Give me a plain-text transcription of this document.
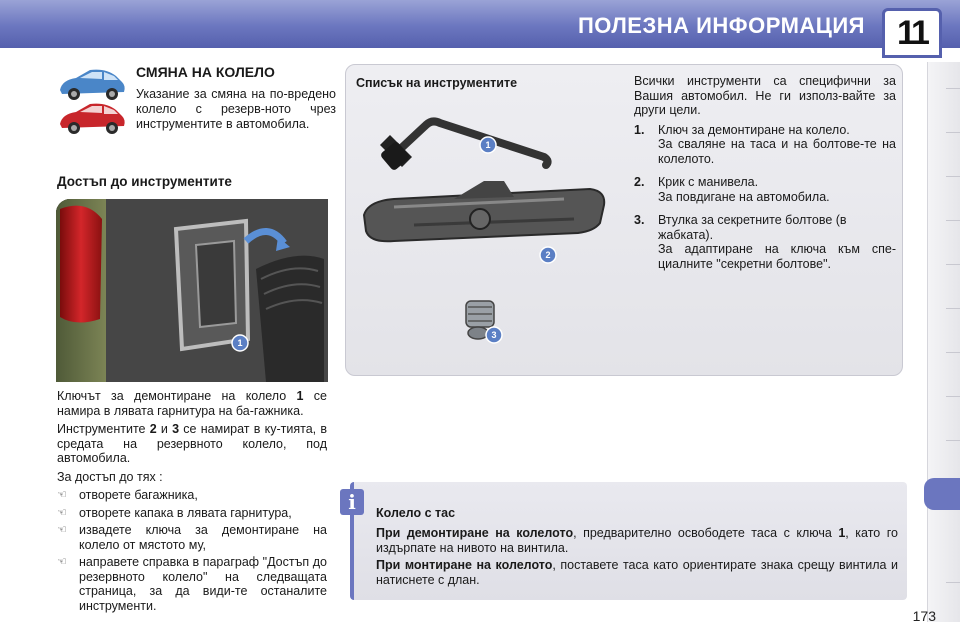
ПОЛЕЗНА ИНФОРМАЦИЯ 11
СМЯНА НА КОЛЕЛО
Указание за смяна на по-вредено колело с резерв-ното чрез инструментите в автомобила.
Достъп до инструментите
1

Ключът за демонтиране на колело 1 се намира в лявата гарнитура на ба-гажника.

Инструментите 2 и 3 се намират в ку-тията, в средата на резервното колело, под автомобила.

За достъп до тях :

☜ отворете багажника,
☜ отворете капака в лявата гарнитура,
☜ извадете ключа за демонтиране на колело от мястото му,
☜ направете справка в параграф "Достъп до резервното колело" на следващата страница, за да види-те останалите инструменти.
Списък на инструментите
1
2
3

Всички инструменти са специфични за Вашия автомобил. Не ги използ-вайте за други цели.

1.	Ключ за демонтиране на колело.

За сваляне на таса и на болтове-те на колелото.

2.	Крик с манивела.

За повдигане на автомобила.

3.	Втулка за секретните болтове (в жабката).

За адаптиране на ключа към спе-циалните "секретни болтове".

Колело с тас
При демонтиране на колелото, предварително освободете таса с ключа 1, като го издърпате на нивото на винтила.
При монтиране на колелото, поставете таса като ориентирате знака срещу винтила и натиснете с длан.
i
173
